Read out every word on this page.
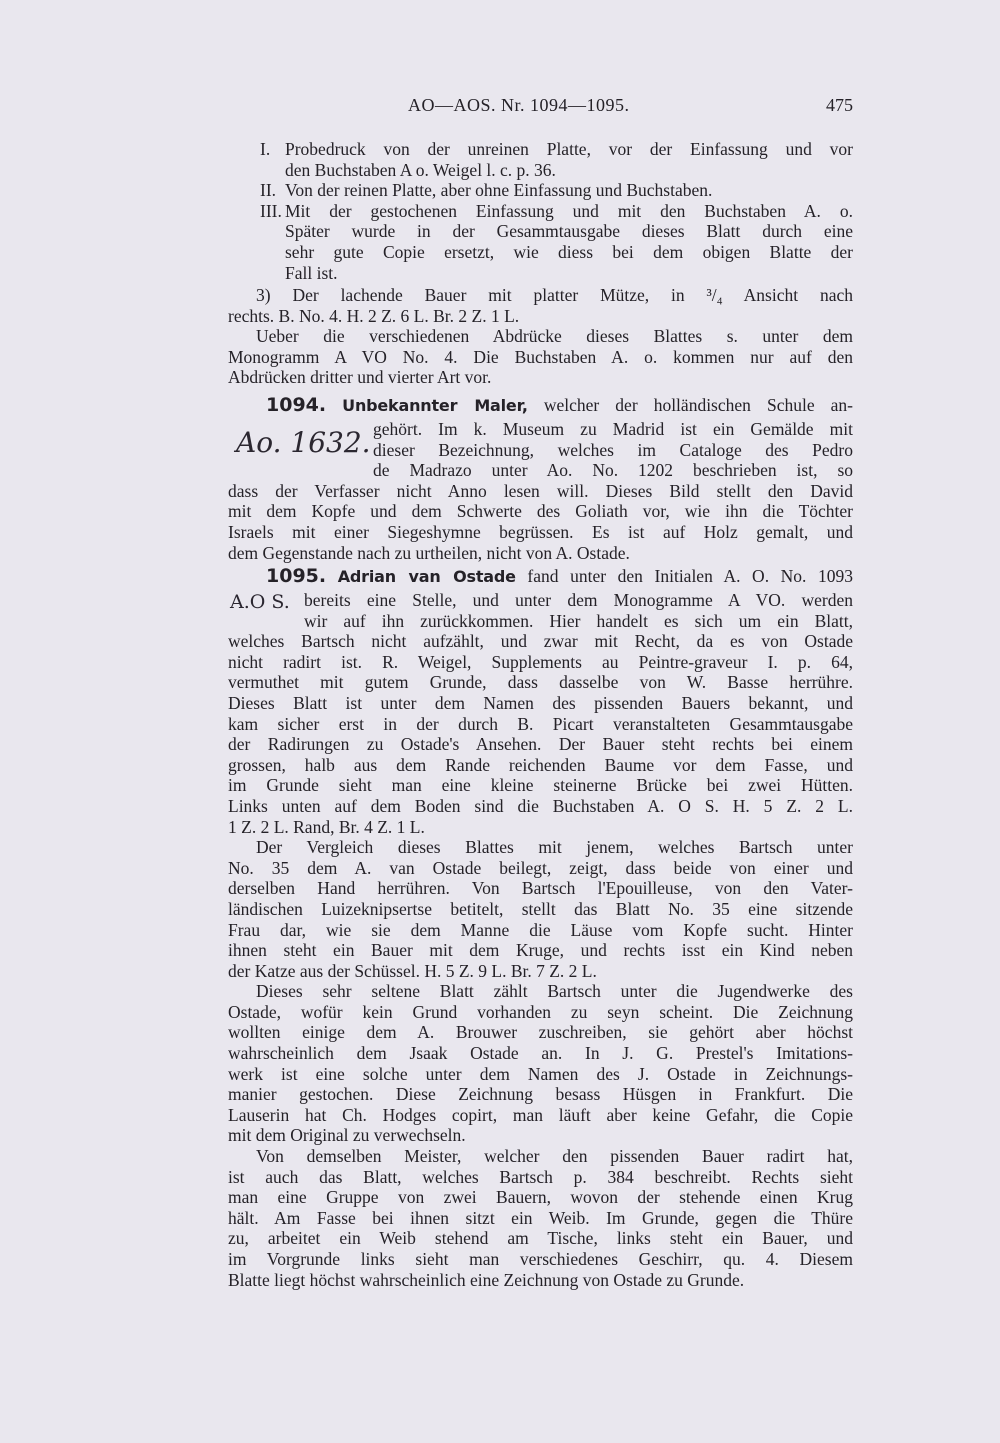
AO—AOS. Nr. 1094—1095.	475
I. Probedruck von der unreinen Platte, vor der Einfassung und vor
den Buchstaben A o. Weigel l. c. p. 36.
II. Von der reinen Platte, aber ohne Einfassung und Buchstaben.
III. Mit der gestochenen Einfassung und mit den Buchstaben A. o.
Später wurde in der Gesammtausgabe dieses Blatt durch eine
sehr gute Copie ersetzt, wie diess bei dem obigen Blatte der
Fall ist.
3) Der lachende Bauer mit platter Mütze, in ³/₄ Ansicht nach
rechts. B. No. 4. H. 2 Z. 6 L. Br. 2 Z. 1 L.
Ueber die verschiedenen Abdrücke dieses Blattes s. unter dem
Monogramm A VO No. 4. Die Buchstaben A. o. kommen nur auf den
Abdrücken dritter und vierter Art vor.
1094. Unbekannter Maler, welcher der holländischen Schule an-
Ao. 1632. gehört. Im k. Museum zu Madrid ist ein Gemälde mit
dieser Bezeichnung, welches im Cataloge des Pedro
de Madrazo unter Ao. No. 1202 beschrieben ist, so
dass der Verfasser nicht Anno lesen will. Dieses Bild stellt den David
mit dem Kopfe und dem Schwerte des Goliath vor, wie ihn die Töchter
Israels mit einer Siegeshymne begrüssen. Es ist auf Holz gemalt, und
dem Gegenstande nach zu urtheilen, nicht von A. Ostade.
1095. Adrian van Ostade fand unter den Initialen A. O. No. 1093
A.O S. bereits eine Stelle, und unter dem Monogramme A VO. werden
wir auf ihn zurückkommen. Hier handelt es sich um ein Blatt,
welches Bartsch nicht aufzählt, und zwar mit Recht, da es von Ostade
nicht radirt ist. R. Weigel, Supplements au Peintre-graveur I. p. 64,
vermuthet mit gutem Grunde, dass dasselbe von W. Basse herrühre.
Dieses Blatt ist unter dem Namen des pissenden Bauers bekannt, und
kam sicher erst in der durch B. Picart veranstalteten Gesammtausgabe
der Radirungen zu Ostade's Ansehen. Der Bauer steht rechts bei einem
grossen, halb aus dem Rande reichenden Baume vor dem Fasse, und
im Grunde sieht man eine kleine steinerne Brücke bei zwei Hütten.
Links unten auf dem Boden sind die Buchstaben A. O S. H. 5 Z. 2 L.
1 Z. 2 L. Rand, Br. 4 Z. 1 L.
Der Vergleich dieses Blattes mit jenem, welches Bartsch unter
No. 35 dem A. van Ostade beilegt, zeigt, dass beide von einer und
derselben Hand herrühren. Von Bartsch l'Epouilleuse, von den Vater-
ländischen Luizeknipsertse betitelt, stellt das Blatt No. 35 eine sitzende
Frau dar, wie sie dem Manne die Läuse vom Kopfe sucht. Hinter
ihnen steht ein Bauer mit dem Kruge, und rechts isst ein Kind neben
der Katze aus der Schüssel. H. 5 Z. 9 L. Br. 7 Z. 2 L.
Dieses sehr seltene Blatt zählt Bartsch unter die Jugendwerke des
Ostade, wofür kein Grund vorhanden zu seyn scheint. Die Zeichnung
wollten einige dem A. Brouwer zuschreiben, sie gehört aber höchst
wahrscheinlich dem Jsaak Ostade an. In J. G. Prestel's Imitations-
werk ist eine solche unter dem Namen des J. Ostade in Zeichnungs-
manier gestochen. Diese Zeichnung besass Hüsgen in Frankfurt. Die
Lauserin hat Ch. Hodges copirt, man läuft aber keine Gefahr, die Copie
mit dem Original zu verwechseln.
Von demselben Meister, welcher den pissenden Bauer radirt hat,
ist auch das Blatt, welches Bartsch p. 384 beschreibt. Rechts sieht
man eine Gruppe von zwei Bauern, wovon der stehende einen Krug
hält. Am Fasse bei ihnen sitzt ein Weib. Im Grunde, gegen die Thüre
zu, arbeitet ein Weib stehend am Tische, links steht ein Bauer, und
im Vorgrunde links sieht man verschiedenes Geschirr, qu. 4. Diesem
Blatte liegt höchst wahrscheinlich eine Zeichnung von Ostade zu Grunde.
